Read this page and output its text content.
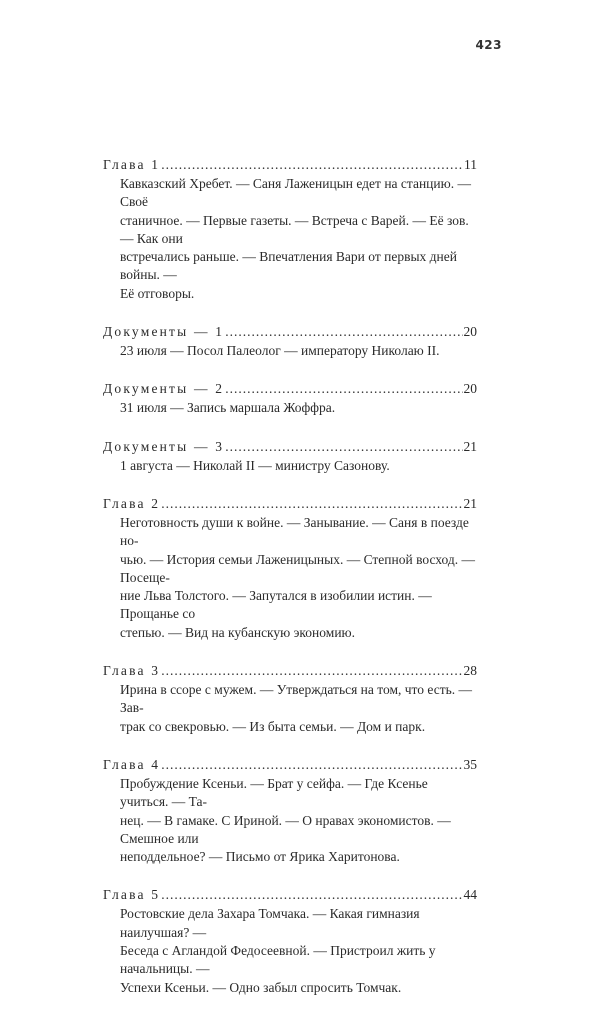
423
Глава 1 .....	11
Кавказский Хребет. — Саня Лаженицын едет на станцию. — Своё
станичное. — Первые газеты. — Встреча с Варей. — Её зов. — Как они
встречались раньше. — Впечатления Вари от первых дней войны. —
Её отговоры.
Документы — 1 .....	20
23 июля — Посол Палеолог — императору Николаю II.
Документы — 2 .....	20
31 июля — Запись маршала Жоффра.
Документы — 3 .....	21
1 августа — Николай II — министру Сазонову.
Глава 2 .....	21
Неготовность души к войне. — Занывание. — Саня в поезде но-
чью. — История семьи Лаженицыных. — Степной восход. — Посеще-
ние Льва Толстого. — Запутался в изобилии истин. — Прощанье со
степью. — Вид на кубанскую экономию.
Глава 3 .....	28
Ирина в ссоре с мужем. — Утверждаться на том, что есть. — Зав-
трак со свекровью. — Из быта семьи. — Дом и парк.
Глава 4 .....	35
Пробуждение Ксеньи. — Брат у сейфа. — Где Ксенье учиться. — Та-
нец. — В гамаке. С Ириной. — О нравах экономистов. — Смешное или
неподдельное? — Письмо от Ярика Харитонова.
Глава 5 .....	44
Ростовские дела Захара Томчака. — Какая гимназия наилучшая? —
Беседа с Агландой Федосеевной. — Пристроил жить у начальницы. —
Успехи Ксеньи. — Одно забыл спросить Томчак.
